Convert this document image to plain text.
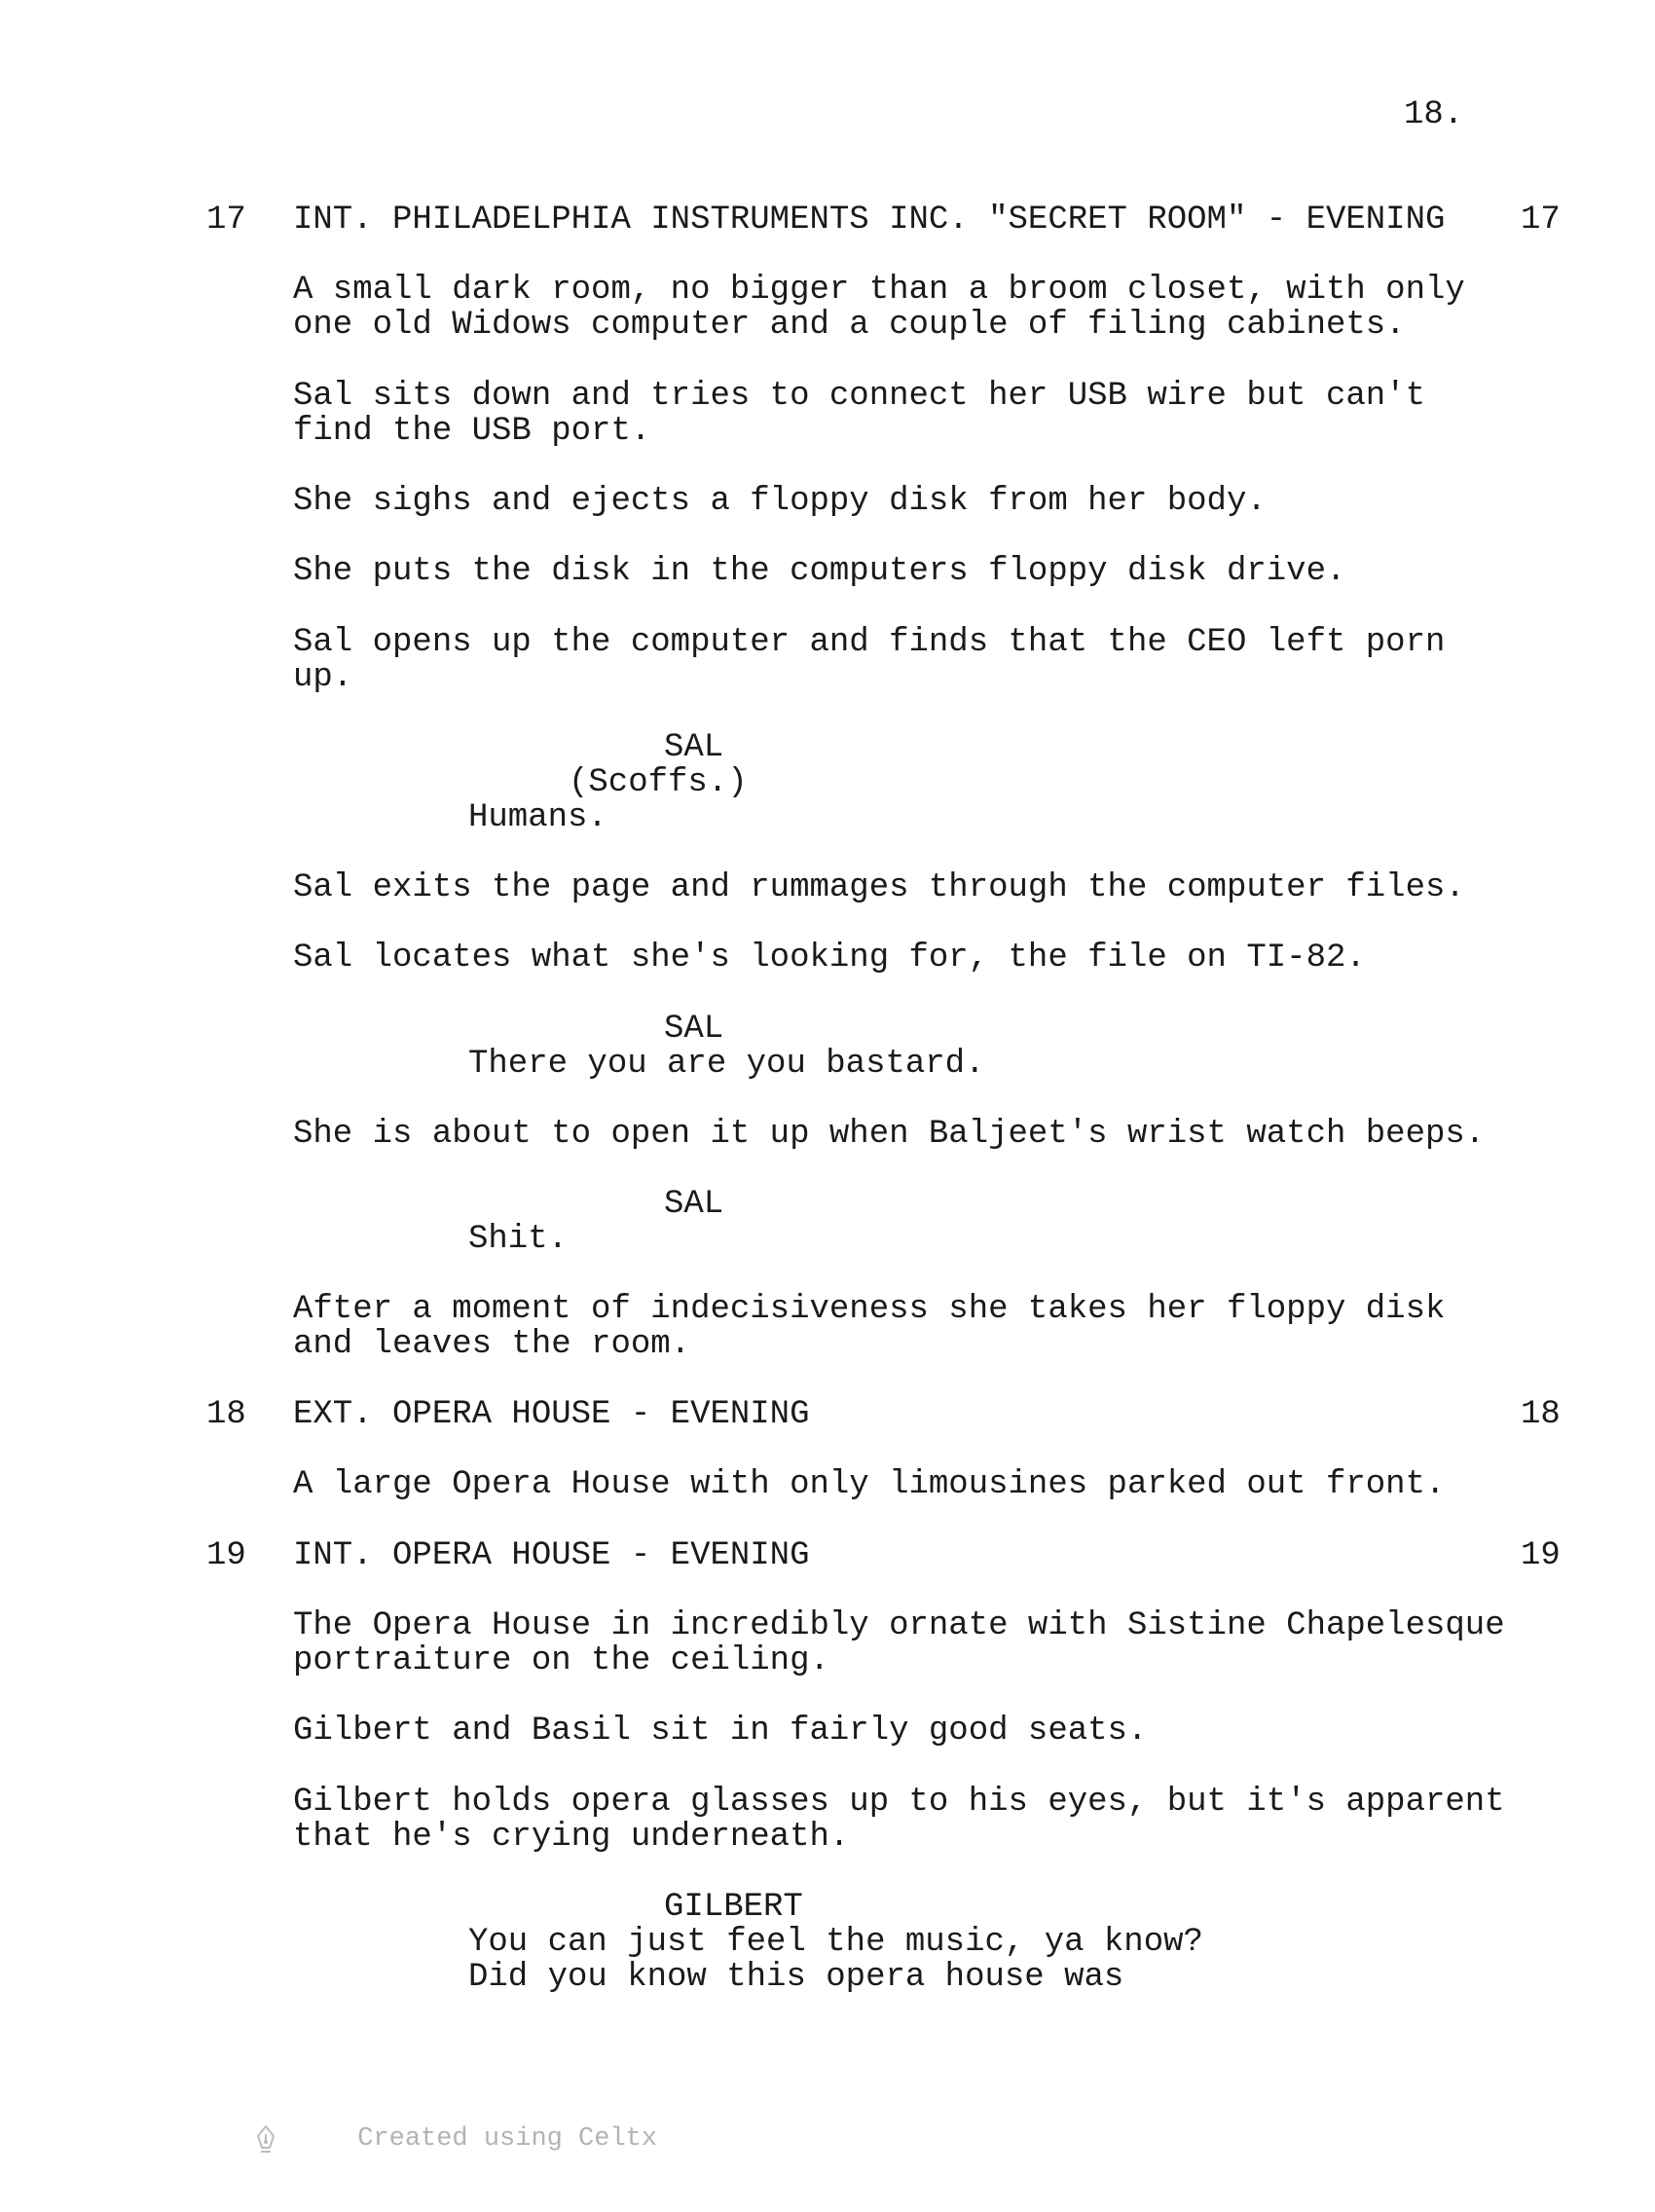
18.

17 INT. PHILADELPHIA INSTRUMENTS INC. "SECRET ROOM" - EVENING 17

A small dark room, no bigger than a broom closet, with only

one old Widows computer and a couple of filing cabinets.

Sal sits down and tries to connect her USB wire but can't

find the USB port.

She sighs and ejects a floppy disk from her body.

She puts the disk in the computers floppy disk drive.

Sal opens up the computer and finds that the CEO left porn

up.

SAL

(Scoffs.)

Humans.

Sal exits the page and rummages through the computer files.

Sal locates what she's looking for, the file on TI-82.

SAL

There you are you bastard.

She is about to open it up when Baljeet's wrist watch beeps.

SAL

Shit.

After a moment of indecisiveness she takes her floppy disk

and leaves the room.

18 EXT. OPERA HOUSE - EVENING	18

A large Opera House with only limousines parked out front.

19 INT. OPERA HOUSE - EVENING	19

The Opera House in incredibly ornate with Sistine Chapelesque

portraiture on the ceiling.

Gilbert and Basil sit in fairly good seats.

Gilbert holds opera glasses up to his eyes, but it's apparent

that he's crying underneath.

GILBERT

You can just feel the music, ya know?

Did you know this opera house was

Created using Celtx
